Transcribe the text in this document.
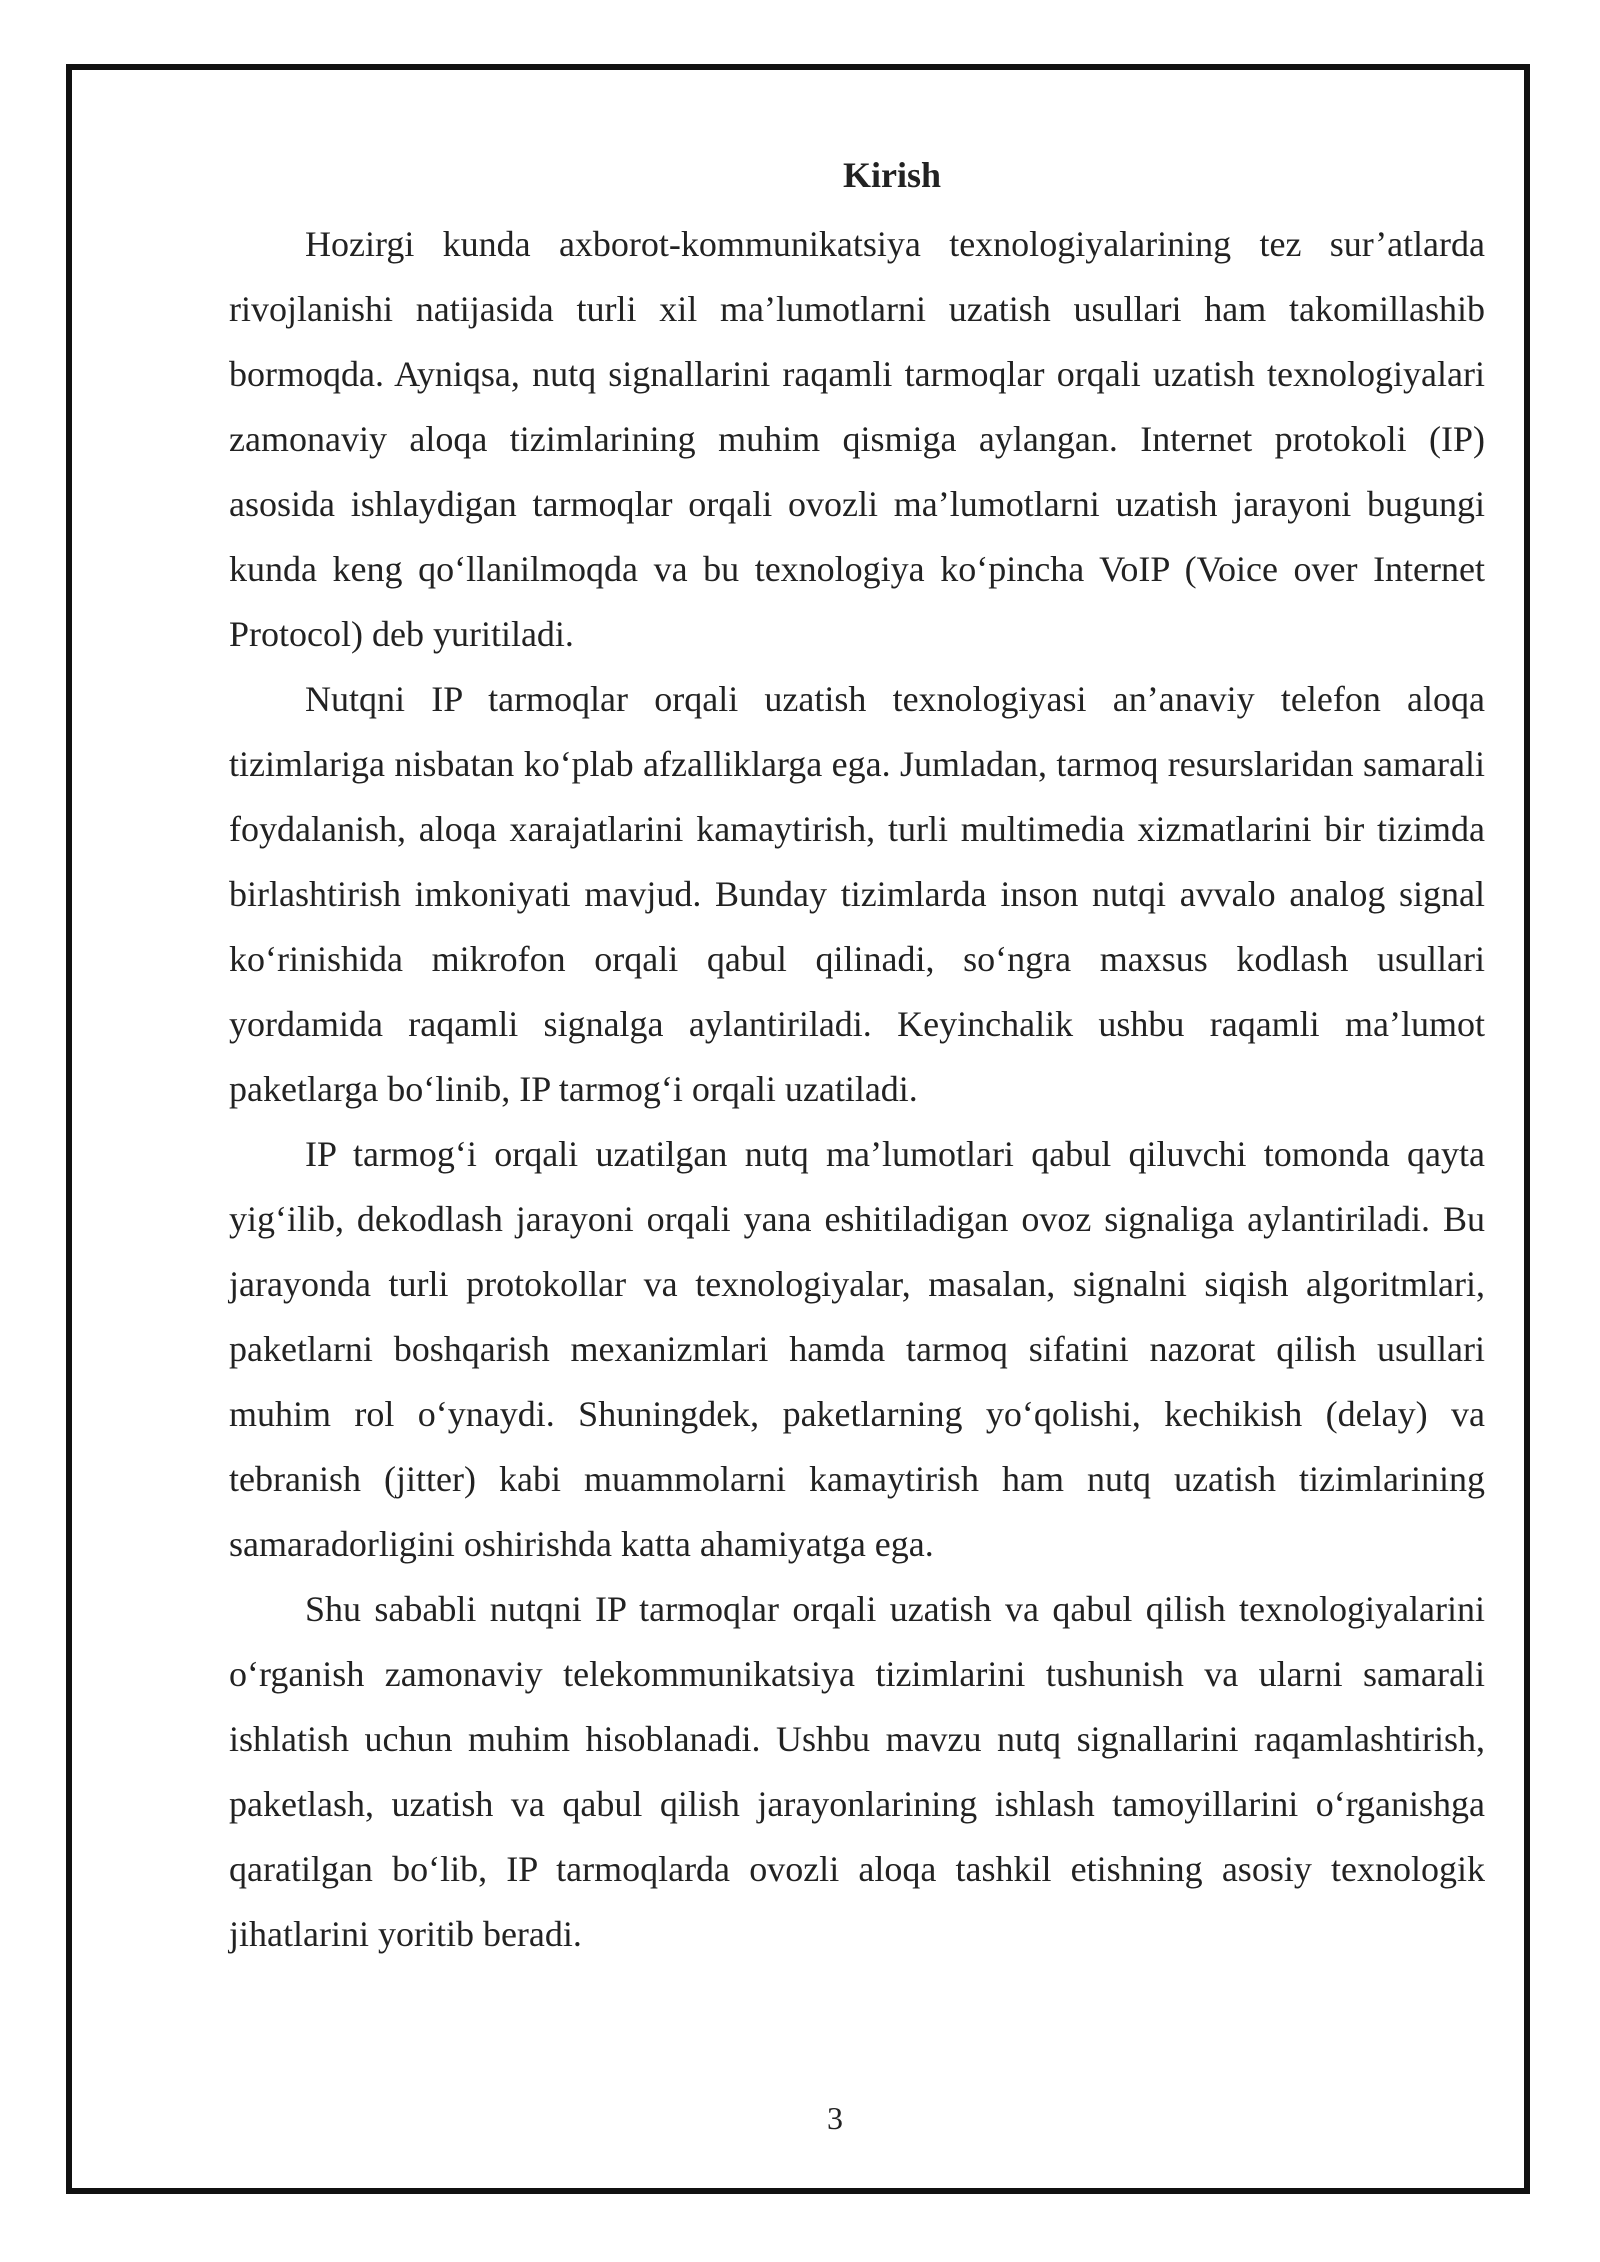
Kirish

Hozirgi kunda axborot-kommunikatsiya texnologiyalarining tez sur’atlarda rivojlanishi natijasida turli xil ma’lumotlarni uzatish usullari ham takomillashib bormoqda. Ayniqsa, nutq signallarini raqamli tarmoqlar orqali uzatish texnologiyalari zamonaviy aloqa tizimlarining muhim qismiga aylangan. Internet protokoli (IP) asosida ishlaydigan tarmoqlar orqali ovozli ma’lumotlarni uzatish jarayoni bugungi kunda keng qo‘llanilmoqda va bu texnologiya ko‘pincha VoIP (Voice over Internet Protocol) deb yuritiladi.

Nutqni IP tarmoqlar orqali uzatish texnologiyasi an’anaviy telefon aloqa tizimlariga nisbatan ko‘plab afzalliklarga ega. Jumladan, tarmoq resurslaridan samarali foydalanish, aloqa xarajatlarini kamaytirish, turli multimedia xizmatlarini bir tizimda birlashtirish imkoniyati mavjud. Bunday tizimlarda inson nutqi avvalo analog signal ko‘rinishida mikrofon orqali qabul qilinadi, so‘ngra maxsus kodlash usullari yordamida raqamli signalga aylantiriladi. Keyinchalik ushbu raqamli ma’lumot paketlarga bo‘linib, IP tarmog‘i orqali uzatiladi.

IP tarmog‘i orqali uzatilgan nutq ma’lumotlari qabul qiluvchi tomonda qayta yig‘ilib, dekodlash jarayoni orqali yana eshitiladigan ovoz signaliga aylantiriladi. Bu jarayonda turli protokollar va texnologiyalar, masalan, signalni siqish algoritmlari, paketlarni boshqarish mexanizmlari hamda tarmoq sifatini nazorat qilish usullari muhim rol o‘ynaydi. Shuningdek, paketlarning yo‘qolishi, kechikish (delay) va tebranish (jitter) kabi muammolarni kamaytirish ham nutq uzatish tizimlarining samaradorligini oshirishda katta ahamiyatga ega.

Shu sababli nutqni IP tarmoqlar orqali uzatish va qabul qilish texnologiyalarini o‘rganish zamonaviy telekommunikatsiya tizimlarini tushunish va ularni samarali ishlatish uchun muhim hisoblanadi. Ushbu mavzu nutq signallarini raqamlashtirish, paketlash, uzatish va qabul qilish jarayonlarining ishlash tamoyillarini o‘rganishga qaratilgan bo‘lib, IP tarmoqlarda ovozli aloqa tashkil etishning asosiy texnologik jihatlarini yoritib beradi.

3
